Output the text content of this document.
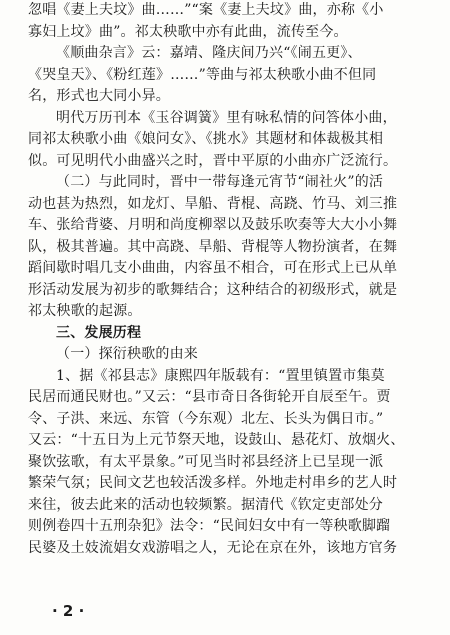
忽唱《妻上夫坟》曲……”“案《妻上夫坟》曲，亦称《小
寡妇上坟》曲”。祁太秧歌中亦有此曲，流传至今。
《顺曲杂言》云：嘉靖、隆庆间乃兴“《闹五更》、
《哭皇天》、《粉红莲》……”等曲与祁太秧歌小曲不但同
名，形式也大同小异。
明代万历刊本《玉谷调簧》里有咏私情的问答体小曲，
同祁太秧歌小曲《娘问女》、《挑水》其题材和体裁极其相
似。可见明代小曲盛兴之时，晋中平原的小曲亦广泛流行。
（二）与此同时，晋中一带每逢元宵节“闹社火”的活
动也甚为热烈，如龙灯、旱船、背棍、高跷、竹马、刘三推
车、张给背婆、月明和尚度柳翠以及鼓乐吹奏等大大小小舞
队，极其普遍。其中高跷、旱船、背棍等人物扮演者，在舞
蹈间歇时唱几支小曲曲，内容虽不相合，可在形式上已从单
形活动发展为初步的歌舞结合；这种结合的初级形式，就是
祁太秧歌的起源。
三、发展历程
（一）探衍秧歌的由来
1、据《祁县志》康熙四年版载有：“置里镇置市集莫
民居而通民财也。”又云：“县市奇日各街轮开自辰至午。贾
令、子洪、来远、东管（今东观）北左、长头为偶日市。”
又云：“十五日为上元节祭天地，设鼓山、悬花灯、放烟火、
聚饮弦歌，有太平景象。”可见当时祁县经济上已呈现一派
繁荣气氛；民间文艺也较活泼多样。外地走村串乡的艺人时
来往，彼去此来的活动也较频繁。据清代《钦定吏部处分
则例卷四十五刑杂犯》法令：“民间妇女中有一等秧歌脚蹓
民婆及土妓流娼女戏游唱之人，无论在京在外，该地方官务
· 2 ·
